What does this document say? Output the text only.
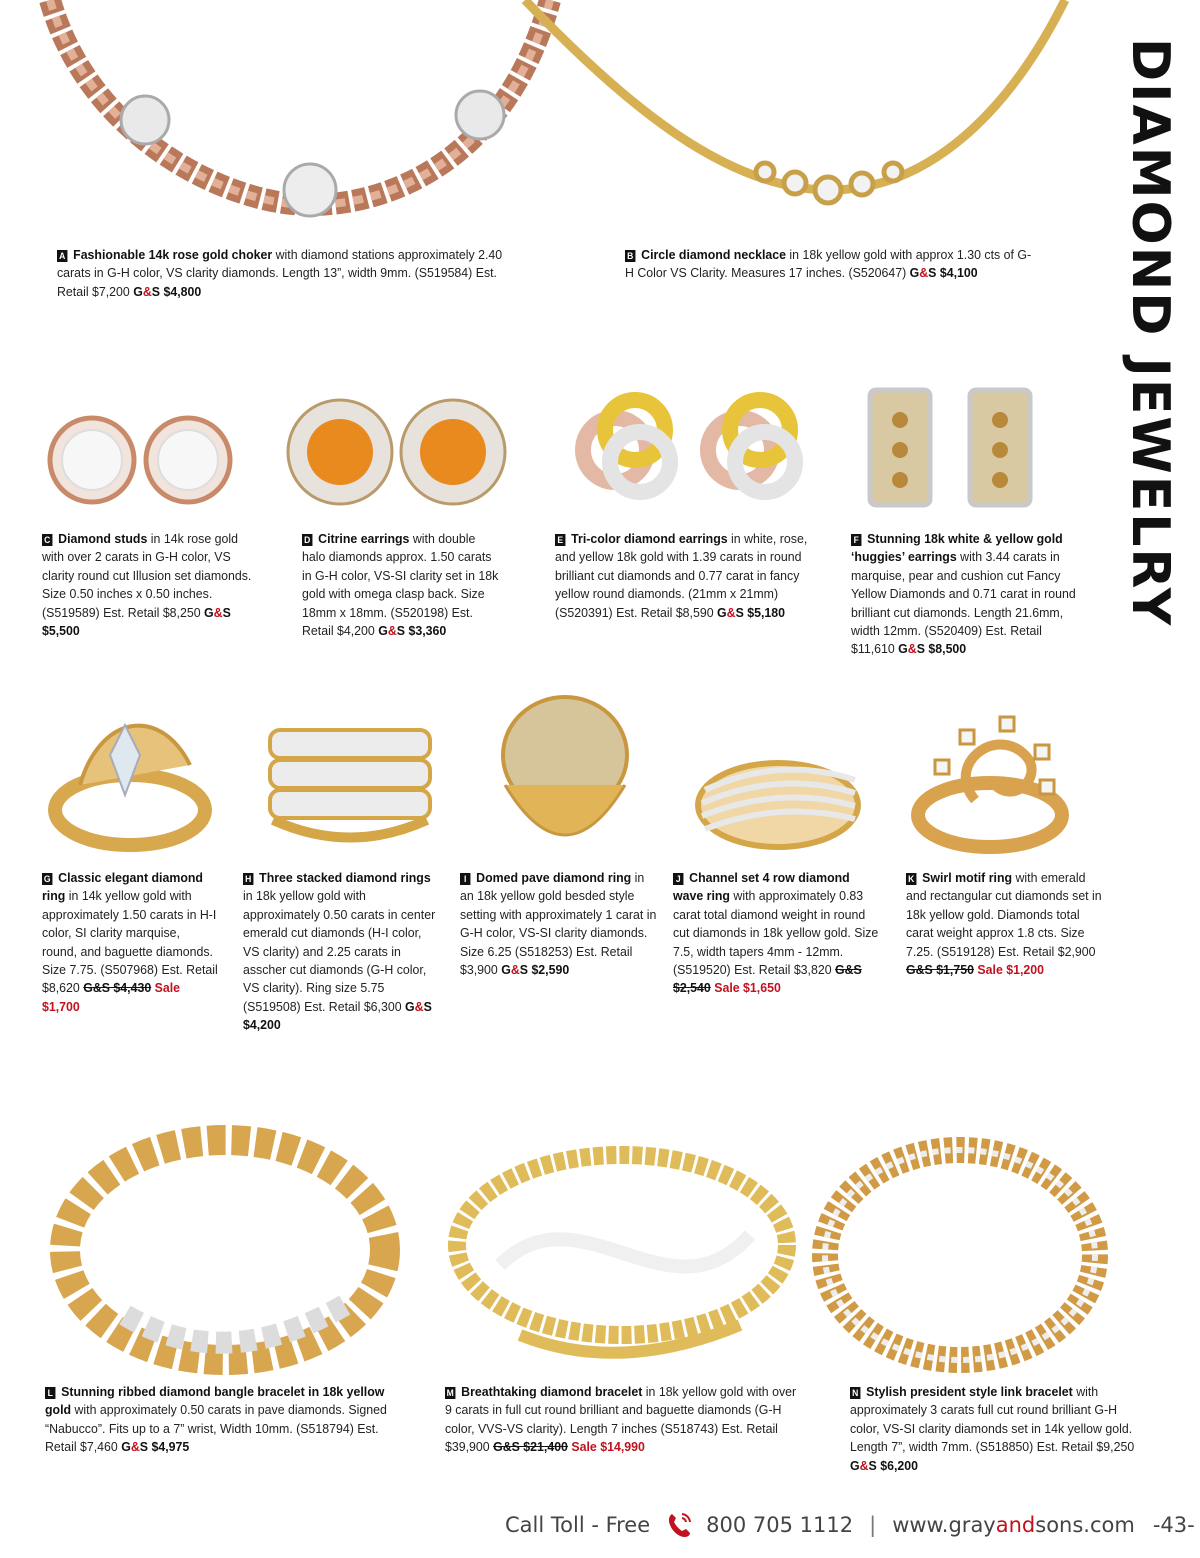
DIAMOND JEWELRY
A Fashionable 14k rose gold choker with diamond stations approximately 2.40 carats in G-H color, VS clarity diamonds. Length 13”, width 9mm. (S519584) Est. Retail $7,200 G&S $4,800
B Circle diamond necklace in 18k yellow gold with approx 1.30 cts of G-H Color VS Clarity. Measures 17 inches. (S520647) G&S $4,100
C Diamond studs in 14k rose gold with over 2 carats in G-H color, VS clarity round cut Illusion set diamonds. Size 0.50 inches x 0.50 inches. (S519589) Est. Retail $8,250 G&S $5,500
D Citrine earrings with double halo diamonds approx. 1.50 carats in G-H color, VS-SI clarity set in 18k gold with omega clasp back. Size 18mm x 18mm. (S520198) Est. Retail $4,200 G&S $3,360
E Tri-color diamond earrings in white, rose, and yellow 18k gold with 1.39 carats in round brilliant cut diamonds and 0.77 carat in fancy yellow round diamonds. (21mm x 21mm) (S520391) Est. Retail $8,590 G&S $5,180
F Stunning 18k white & yellow gold ‘huggies’ earrings with 3.44 carats in marquise, pear and cushion cut Fancy Yellow Diamonds and 0.71 carat in round brilliant cut diamonds. Length 21.6mm, width 12mm. (S520409) Est. Retail $11,610 G&S $8,500
G Classic elegant diamond ring in 14k yellow gold with approximately 1.50 carats in H-I color, SI clarity marquise, round, and baguette diamonds. Size 7.75. (S507968) Est. Retail $8,620 G&S $4,430 Sale $1,700
H Three stacked diamond rings in 18k yellow gold with approximately 0.50 carats in center emerald cut diamonds (H-I color, VS clarity) and 2.25 carats in asscher cut diamonds (G-H color, VS clarity). Ring size 5.75 (S519508) Est. Retail $6,300 G&S $4,200
I Domed pave diamond ring in an 18k yellow gold besded style setting with approximately 1 carat in G-H color, VS-SI clarity diamonds. Size 6.25 (S518253) Est. Retail $3,900 G&S $2,590
J Channel set 4 row diamond wave ring with approximately 0.83 carat total diamond weight in round cut diamonds in 18k yellow gold. Size 7.5, width tapers 4mm - 12mm. (S519520) Est. Retail $3,820 G&S $2,540 Sale $1,650
K Swirl motif ring with emerald and rectangular cut diamonds set in 18k yellow gold. Diamonds total carat weight approx 1.8 cts. Size 7.25. (S519128) Est. Retail $2,900 G&S $1,750 Sale $1,200
L Stunning ribbed diamond bangle bracelet in 18k yellow gold with approximately 0.50 carats in pave diamonds. Signed “Nabucco”. Fits up to a 7” wrist, Width 10mm. (S518794) Est. Retail $7,460 G&S $4,975
M Breathtaking diamond bracelet in 18k yellow gold with over 9 carats in full cut round brilliant and baguette diamonds (G-H color, VVS-VS clarity). Length 7 inches (S518743) Est. Retail $39,900 G&S $21,400 Sale $14,990
N Stylish president style link bracelet with approximately 3 carats full cut round brilliant G-H color, VS-SI clarity diamonds set in 14k yellow gold. Length 7”, width 7mm. (S518850) Est. Retail $9,250 G&S $6,200
Call Toll - Free	800 705 1112 | www.grayandsons.com -43-
